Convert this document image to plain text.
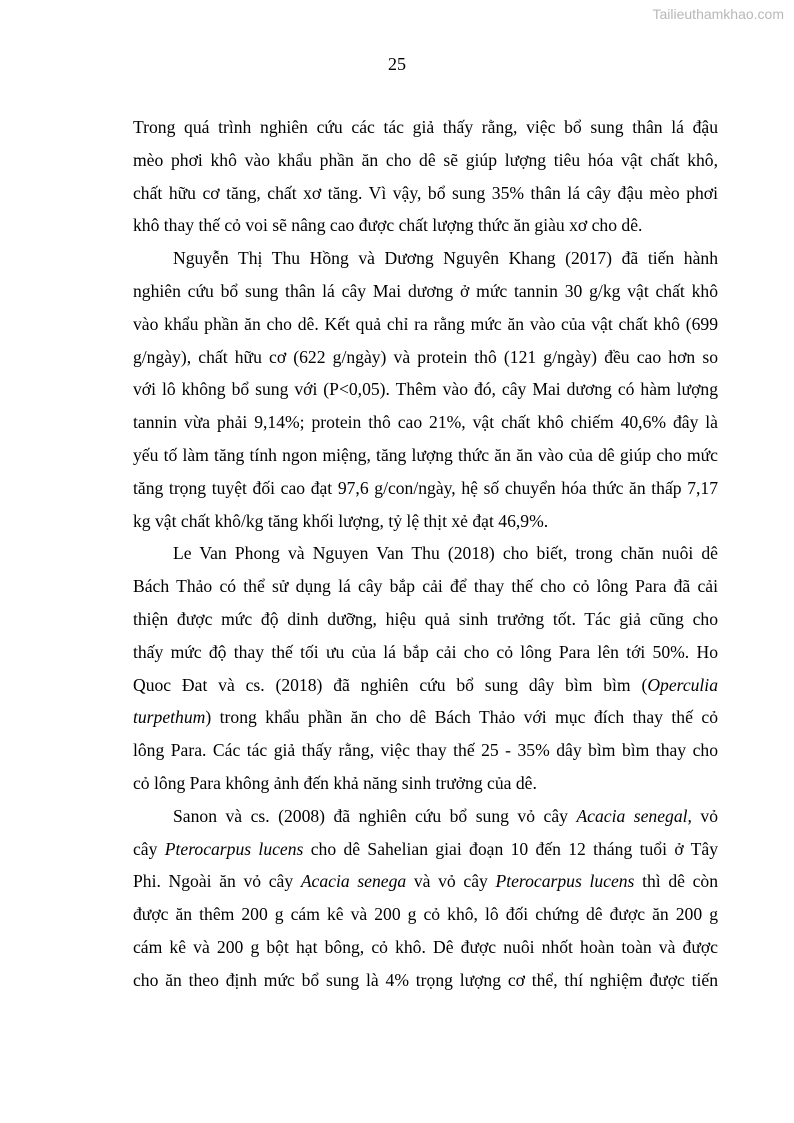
Tailieuthamkhao.com
25
Trong quá trình nghiên cứu các tác giả thấy rằng, việc bổ sung thân lá đậu
mèo phơi khô vào khẩu phần ăn cho dê sẽ giúp lượng tiêu hóa vật chất khô,
chất hữu cơ tăng, chất xơ tăng. Vì vậy, bổ sung 35% thân lá cây đậu mèo phơi
khô thay thế cỏ voi sẽ nâng cao được chất lượng thức ăn giàu xơ cho dê.
Nguyễn Thị Thu Hồng và Dương Nguyên Khang (2017) đã tiến hành
nghiên cứu bổ sung thân lá cây Mai dương ở mức tannin 30 g/kg vật chất khô
vào khẩu phần ăn cho dê. Kết quả chỉ ra rằng mức ăn vào của vật chất khô (699
g/ngày), chất hữu cơ (622 g/ngày) và protein thô (121 g/ngày) đều cao hơn so
với lô không bổ sung với (P<0,05). Thêm vào đó, cây Mai dương có hàm lượng
tannin vừa phải 9,14%; protein thô cao 21%, vật chất khô chiếm 40,6% đây là
yếu tố làm tăng tính ngon miệng, tăng lượng thức ăn ăn vào của dê giúp cho mức
tăng trọng tuyệt đối cao đạt 97,6 g/con/ngày, hệ số chuyển hóa thức ăn thấp 7,17
kg vật chất khô/kg tăng khối lượng, tỷ lệ thịt xẻ đạt 46,9%.
Le Van Phong và Nguyen Van Thu (2018) cho biết, trong chăn nuôi dê
Bách Thảo có thể sử dụng lá cây bắp cải để thay thế cho cỏ lông Para đã cải
thiện được mức độ dinh dưỡng, hiệu quả sinh trưởng tốt. Tác giả cũng cho
thấy mức độ thay thế tối ưu của lá bắp cải cho cỏ lông Para lên tới 50%. Ho
Quoc Đat và cs. (2018) đã nghiên cứu bổ sung dây bìm bìm (Operculia
turpethum) trong khẩu phần ăn cho dê Bách Thảo với mục đích thay thế cỏ
lông Para. Các tác giả thấy rằng, việc thay thế 25 - 35% dây bìm bìm thay cho
cỏ lông Para không ảnh đến khả năng sinh trưởng của dê.
Sanon và cs. (2008) đã nghiên cứu bổ sung vỏ cây Acacia senegal, vỏ
cây Pterocarpus lucens cho dê Sahelian giai đoạn 10 đến 12 tháng tuổi ở Tây
Phi. Ngoài ăn vỏ cây Acacia senega và vỏ cây Pterocarpus lucens thì dê còn
được ăn thêm 200 g cám kê và 200 g cỏ khô, lô đối chứng dê được ăn 200 g
cám kê và 200 g bột hạt bông, cỏ khô. Dê được nuôi nhốt hoàn toàn và được
cho ăn theo định mức bổ sung là 4% trọng lượng cơ thể, thí nghiệm được tiến
